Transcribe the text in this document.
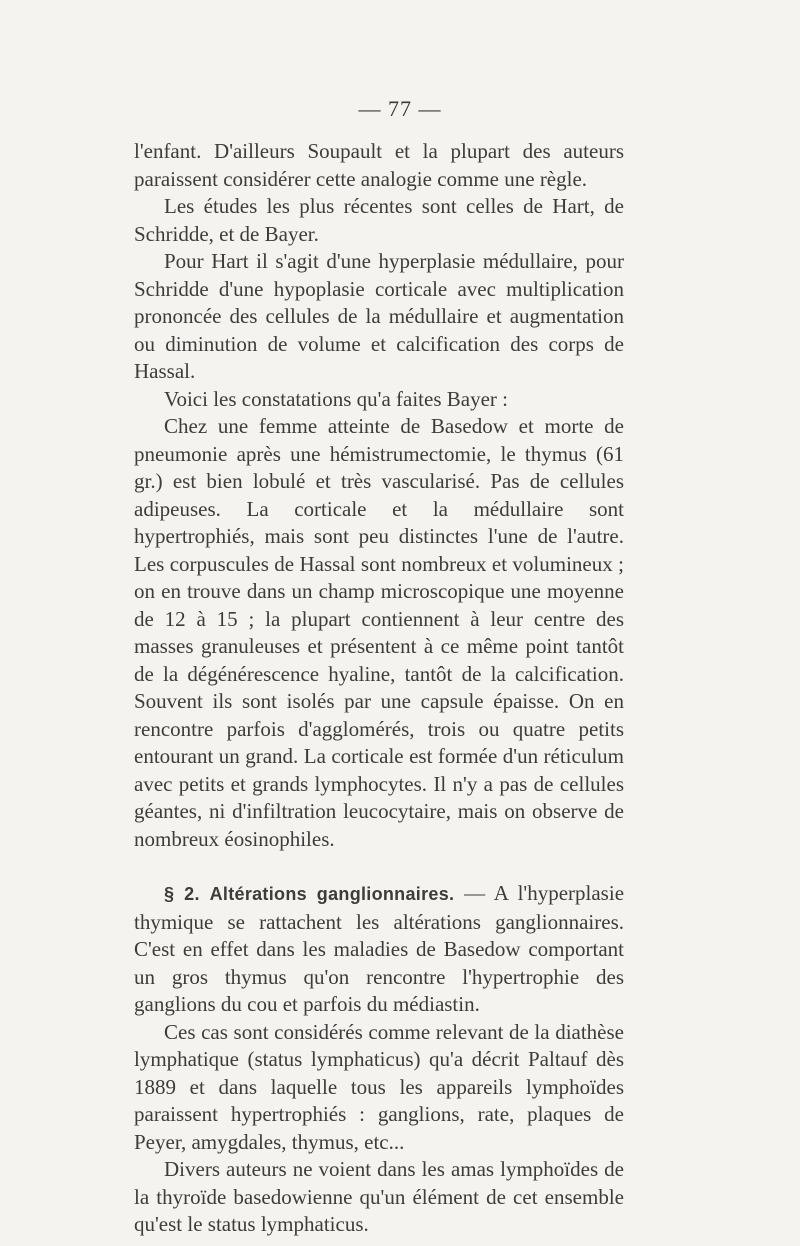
— 77 —

l'enfant. D'ailleurs Soupault et la plupart des auteurs paraissent considérer cette analogie comme une règle.

Les études les plus récentes sont celles de Hart, de Schridde, et de Bayer.

Pour Hart il s'agit d'une hyperplasie médullaire, pour Schridde d'une hypoplasie corticale avec multiplication prononcée des cellules de la médullaire et augmentation ou diminution de volume et calcification des corps de Hassal.

Voici les constatations qu'a faites Bayer :

Chez une femme atteinte de Basedow et morte de pneumonie après une hémistrumectomie, le thymus (61 gr.) est bien lobulé et très vascularisé. Pas de cellules adipeuses. La corticale et la médullaire sont hypertrophiés, mais sont peu distinctes l'une de l'autre. Les corpuscules de Hassal sont nombreux et volumineux ; on en trouve dans un champ microscopique une moyenne de 12 à 15 ; la plupart contiennent à leur centre des masses granuleuses et présentent à ce même point tantôt de la dégénérescence hyaline, tantôt de la calcification. Souvent ils sont isolés par une capsule épaisse. On en rencontre parfois d'agglomérés, trois ou quatre petits entourant un grand. La corticale est formée d'un réticulum avec petits et grands lymphocytes. Il n'y a pas de cellules géantes, ni d'infiltration leucocytaire, mais on observe de nombreux éosinophiles.

§ 2. Altérations ganglionnaires. — A l'hyperplasie thymique se rattachent les altérations ganglionnaires. C'est en effet dans les maladies de Basedow comportant un gros thymus qu'on rencontre l'hypertrophie des ganglions du cou et parfois du médiastin.

Ces cas sont considérés comme relevant de la diathèse lymphatique (status lymphaticus) qu'a décrit Paltauf dès 1889 et dans laquelle tous les appareils lymphoïdes paraissent hypertrophiés : ganglions, rate, plaques de Peyer, amygdales, thymus, etc...

Divers auteurs ne voient dans les amas lymphoïdes de la thyroïde basedowienne qu'un élément de cet ensemble qu'est le status lymphaticus.
